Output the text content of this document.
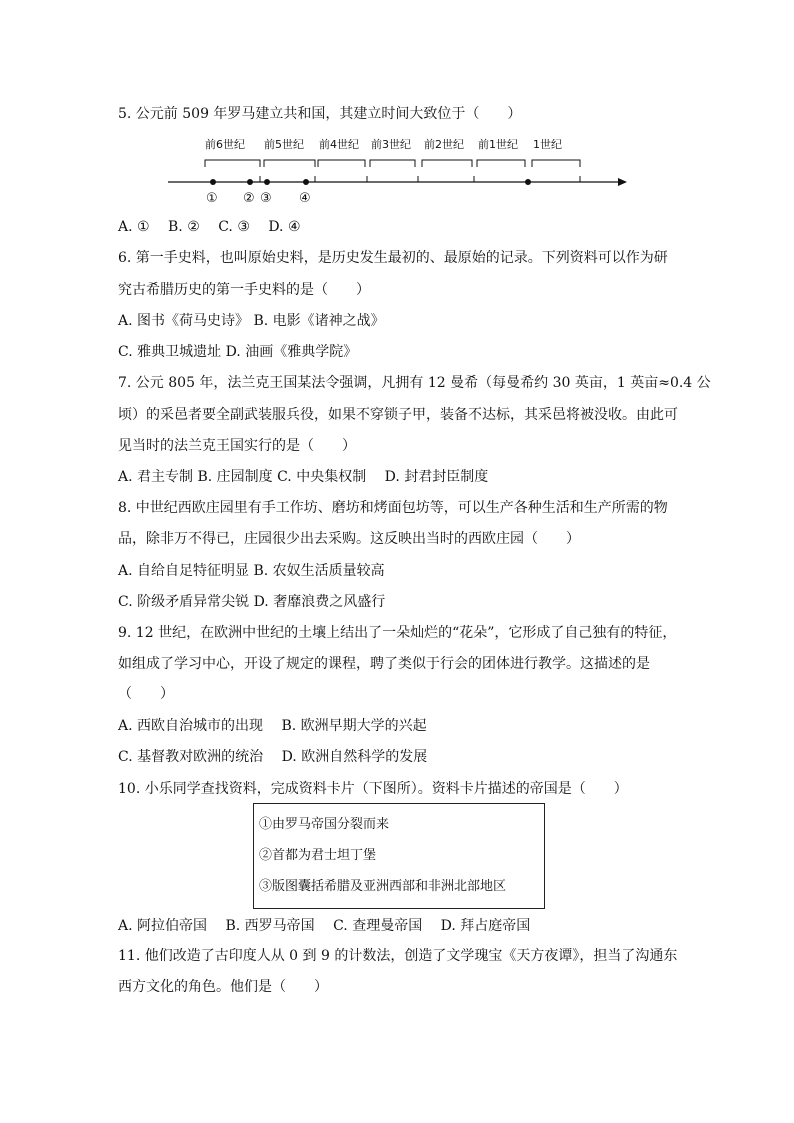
5. 公元前 509 年罗马建立共和国，其建立时间大致位于（　　）
前6世纪 前5世纪 前4世纪 前3世纪 前2世纪 前1世纪 1世纪
① ② ③ ④
A. ①　 B. ②　 C. ③　 D. ④
6. 第一手史料，也叫原始史料，是历史发生最初的、最原始的记录。下列资料可以作为研
究古希腊历史的第一手史料的是（　　）
A. 图书《荷马史诗》 B. 电影《诸神之战》
C. 雅典卫城遗址 D. 油画《雅典学院》
7. 公元 805 年，法兰克王国某法令强调，凡拥有 12 曼希（每曼希约 30 英亩，1 英亩≈0.4 公
顷）的采邑者要全副武装服兵役，如果不穿锁子甲，装备不达标，其采邑将被没收。由此可
见当时的法兰克王国实行的是（　　）
A. 君主专制 B. 庄园制度 C. 中央集权制　 D. 封君封臣制度
8. 中世纪西欧庄园里有手工作坊、磨坊和烤面包坊等，可以生产各种生活和生产所需的物
品，除非万不得已，庄园很少出去采购。这反映出当时的西欧庄园（　　）
A. 自给自足特征明显 B. 农奴生活质量较高
C. 阶级矛盾异常尖锐 D. 奢靡浪费之风盛行
9. 12 世纪，在欧洲中世纪的土壤上结出了一朵灿烂的“花朵”，它形成了自己独有的特征，
如组成了学习中心，开设了规定的课程，聘了类似于行会的团体进行教学。这描述的是
（　　）
A. 西欧自治城市的出现　 B. 欧洲早期大学的兴起
C. 基督教对欧洲的统治　 D. 欧洲自然科学的发展
10. 小乐同学查找资料，完成资料卡片（下图所）。资料卡片描述的帝国是（　　）
①由罗马帝国分裂而来
②首都为君士坦丁堡
③版图囊括希腊及亚洲西部和非洲北部地区
A. 阿拉伯帝国　 B. 西罗马帝国　 C. 查理曼帝国　 D. 拜占庭帝国
11. 他们改造了古印度人从 0 到 9 的计数法，创造了文学瑰宝《天方夜谭》，担当了沟通东
西方文化的角色。他们是（　　）
